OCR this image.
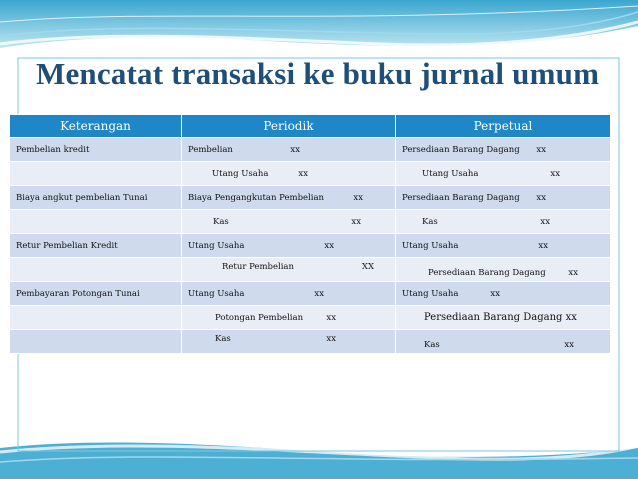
Mencatat transaksi ke buku jurnal umum
Keterangan	Periodik	Perpetual
Pembelian kredit	Pembelian xx	Persediaan Barang Dagang xx

	Utang Usaha xx	Utang Usaha xx

Biaya angkut pembelian Tunai	Biaya Pengangkutan Pembelian xx	Persediaan Barang Dagang xx

	Kas xx	Kas xx

Retur Pembelian Kredit	Utang Usaha xx	Utang Usaha xx

	Retur Pembelian XX	Persediaan Barang Dagang xx

Pembayaran Potongan Tunai	Utang Usaha xx	Utang Usaha xx

	Potongan Pembelian xx	Persediaan Barang Dagang xx

	Kas xx	Kas xx
